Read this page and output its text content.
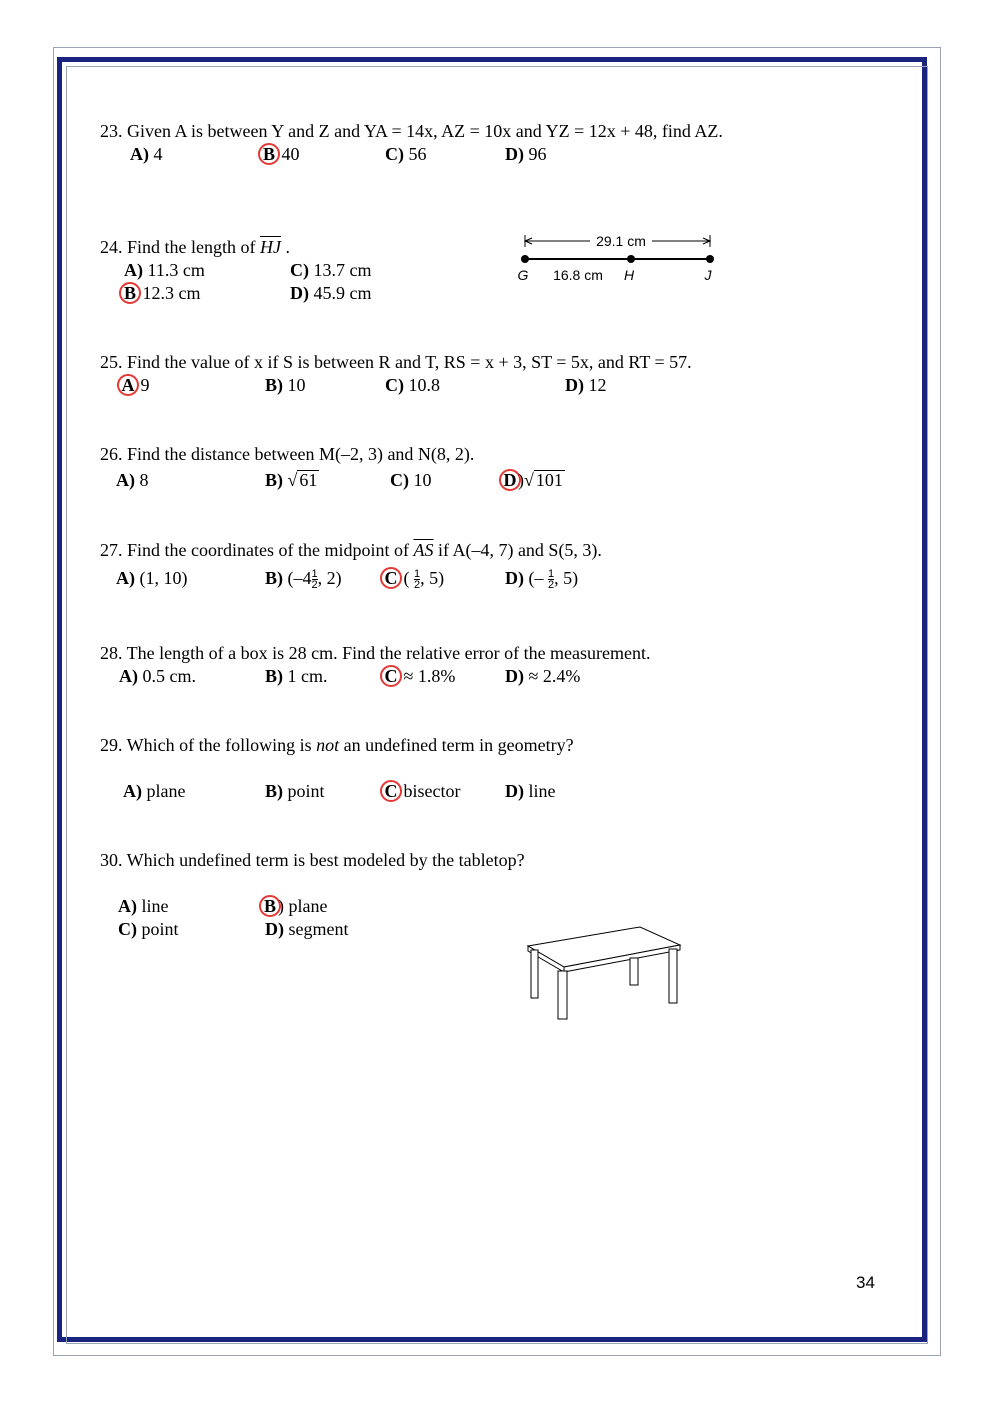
23. Given A is between Y and Z and YA = 14x, AZ = 10x and YZ = 12x + 48, find AZ.
A) 4	B 40	C) 56	D) 96
24. Find the length of $\overline{HJ}$ .
A) 11.3 cm	C) 13.7 cm
B 12.3 cm	D) 45.9 cm
29.1 cm
G 16.8 cm H	J
25. Find the value of x if S is between R and T, RS = x + 3, ST = 5x, and RT = 57.
A 9	B) 10	C) 10.8	D) 12
26. Find the distance between M(–2, 3) and N(8, 2).
A) 8	B) √ 61	C) 10	D)√ 101
27. Find the coordinates of the midpoint of $\overline{AS}$ if A(–4, 7) and S(5, 3).
A) (1, 10)	B) ($-4 \frac{1}{2}$ , 2) C ( $\frac{1}{2}$ , 5)	D) (– $\frac{1}{2}$ , 5)
28. The length of a box is 28 cm. Find the relative error of the measurement.
A) 0.5 cm.	B) 1 cm.	C ≈ 1.8%	D) ≈ 2.4%
29. Which of the following is not an undefined term in geometry?
A) plane	B) point	C bisector D) line
30. Which undefined term is best modeled by the tabletop?
A) line	B ) plane
C) point	D) segment
34
